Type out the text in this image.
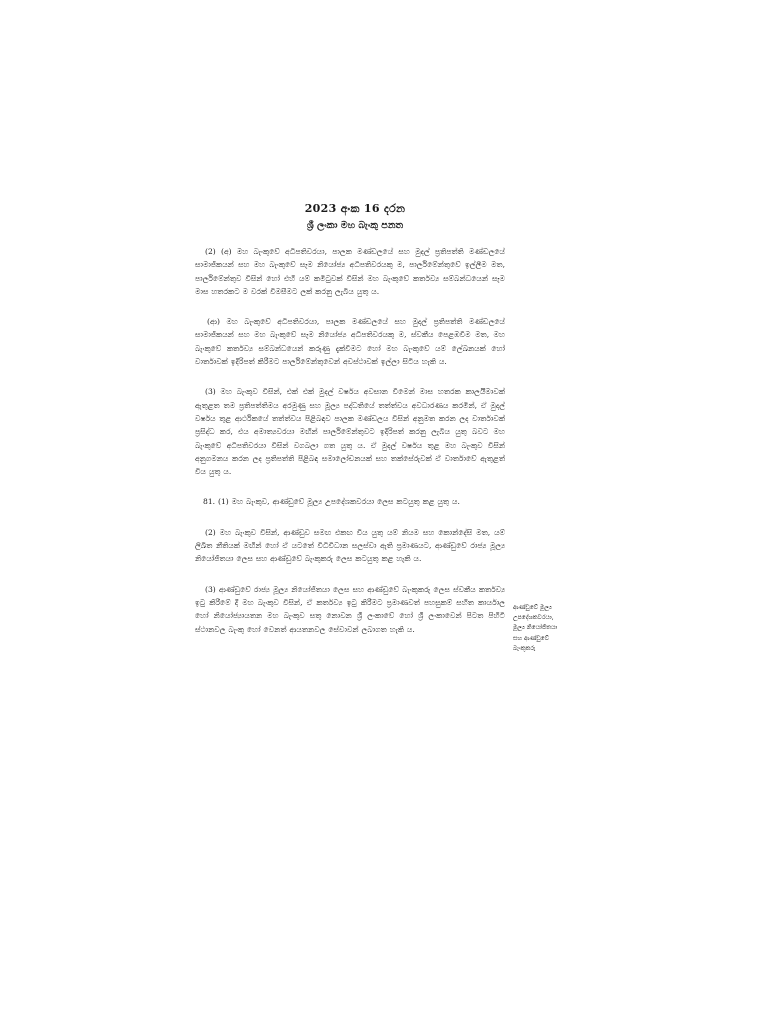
2023 අංක 16 දරන
ශ්‍රී ලංකා මහ බැංකු පනත

(2) (අ) මහ බැංකුවේ අධිපතිවරයා, පාලක මණ්ඩලයේ සහ මුදල් ප්‍රතිපත්ති මණ්ඩලයේ සාමාජිකයන් සහ මහ බැංකුවේ සෑම නියෝජ්‍ය අධිපතිවරයකු ම, පාර්ලිමේන්තුවේ ඉල්ලීම මත, පාර්ලිමේන්තුව විසින් හෝ එහි යම් කමිටුවක් විසින් මහ බැංකුවේ කර්තව්‍ය සම්බන්ධයෙන් සෑම මාස හතරකට ම වරක් විමසීමට ලක් කරනු ලැබිය යුතු ය.

(ආ) මහ බැංකුවේ අධිපතිවරයා, පාලක මණ්ඩලයේ සහ මුදල් ප්‍රතිපත්ති මණ්ඩලයේ සාමාජිකයන් සහ මහ බැංකුවේ සෑම නියෝජ්‍ය අධිපතිවරයකු ම, ස්වකීය පෙළඹවීම මත, මහ බැංකුවේ කර්තව්‍ය සම්බන්ධයෙන් කරුණු දැක්වීමට හෝ මහ බැංකුවේ යම් ලේඛනයක් හෝ වාර්තාවක් ඉදිරිපත් කිරීමට පාර්ලිමේන්තුවෙන් අවස්ථාවක් ඉල්ලා සිටිය හැකි ය.

(3) මහ බැංකුව විසින්, එක් එක් මුදල් වර්ෂය අවසාන වීමෙන් මාස හතරක කාලයීමාවක් ඇතුළත තම ප්‍රතිපත්තිමය අරමුණු සහ මූල්‍ය පද්ධතියේ තත්ත්වය අවධාරණය කරමින්, ඒ මුදල් වර්ෂය තුළ ආර්ථිකයේ තත්ත්වය පිළිබඳව පාලක මණ්ඩලය විසින් අනුමත කරන ලද වාර්තාවක් ප්‍රසිද්ධ කර, එය අමාත්‍යවරයා මඟින් පාර්ලිමේන්තුවට ඉදිරිපත් කරනු ලැබිය යුතු බවට මහ බැංකුවේ අධිපතිවරයා විසින් වගබලා ගත යුතු ය. ඒ මුදල් වර්ෂය තුළ මහ බැංකුව විසින් අනුගමනය කරන ලද ප්‍රතිපත්ති පිළිබඳ සමාලෝචනයක් සහ තක්සේරුවක් ඒ වාර්තාවේ ඇතුළත් විය යුතු ය.

81. (1) මහ බැංකුව, ආණ්ඩුවේ මූල්‍ය උපදේශකවරයා ලෙස කටයුතු කළ යුතු ය.

(2) මහ බැංකුව විසින්, ආණ්ඩුව සමඟ එකඟ විය යුතු යම් නියම සහ කොන්දේසි මත, යම් ලිඛිත නීතියක් මඟින් හෝ ඒ යටතේ විධිවිධාන සලස්වා ඇති ප්‍රමාණයට, ආණ්ඩුවේ රාජ්‍ය මූල්‍ය නියෝජිතයා ලෙස සහ ආණ්ඩුවේ බැංකුකරු ලෙස කටයුතු කළ හැකි ය.

(3) ආණ්ඩුවේ රාජ්‍ය මූල්‍ය නියෝජිතයා ලෙස සහ ආණ්ඩුවේ බැංකුකරු ලෙස ස්වකීය කර්තව්‍ය ඉටු කිරීමේ දී මහ බැංකුව විසින්, ඒ කර්තව්‍ය ඉටු කිරීමට ප්‍රමාණවත් පහසුකම් සහිත කාර්යාල හෝ නියෝජ්‍යායතන මහ බැංකුව සතු නොවන ශ්‍රී ලංකාවේ හෝ ශ්‍රී ලංකාවෙන් පිටත පිහිටි ස්ථානවල බැංකු හෝ වෙනත් ආයතනවල සේවාවන් ලබාගත හැකි ය.

ආණ්ඩුවේ මූල්‍ය
උපදේශකවරයා,
මූල්‍ය නියෝජිතයා
සහ ආණ්ඩුවේ
බැංකුකරු
